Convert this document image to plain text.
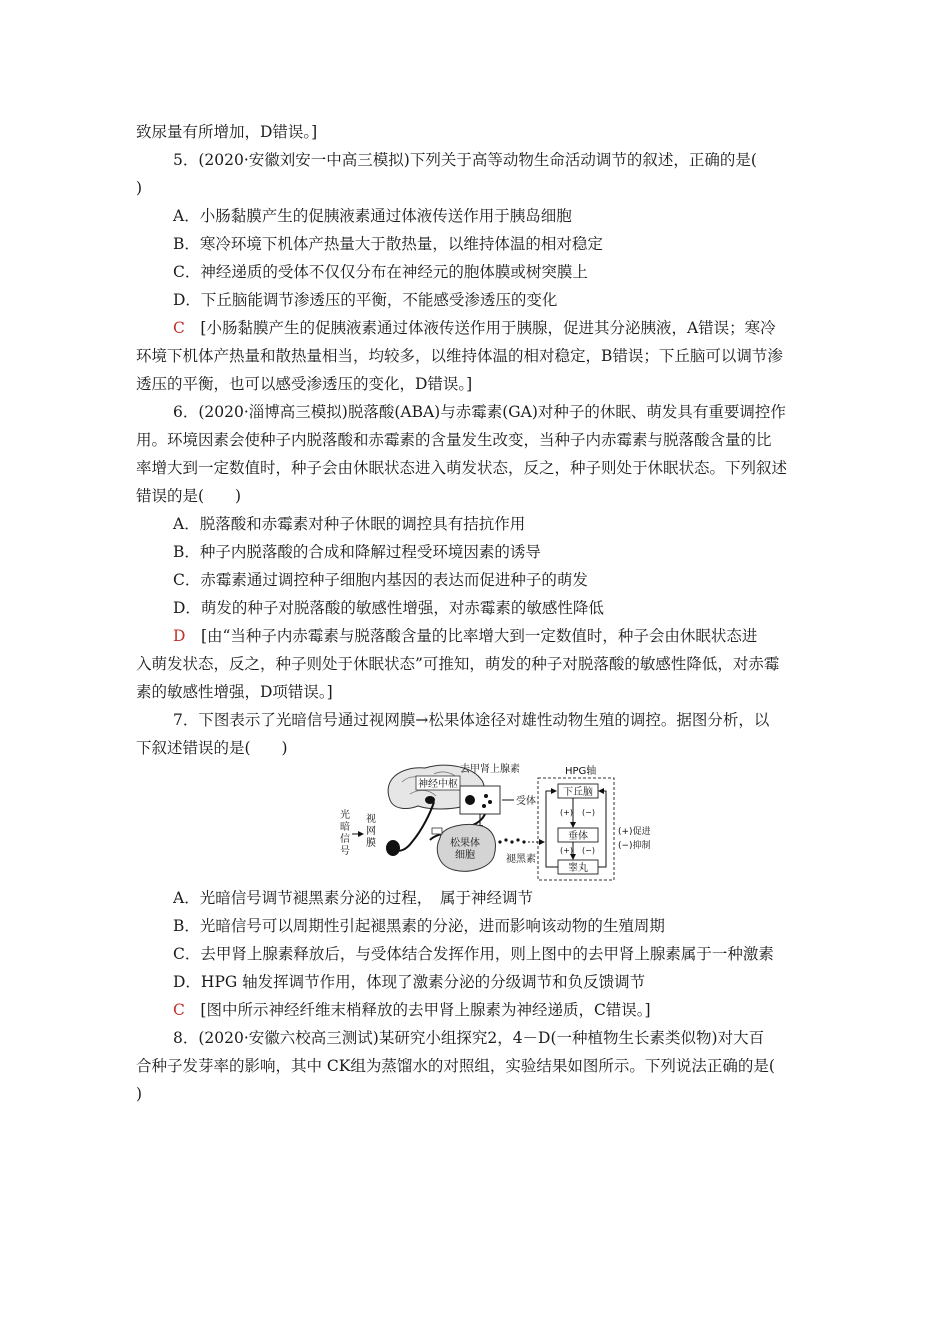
致尿量有所增加，D错误。]
5．(2020·安徽刘安一中高三模拟)下列关于高等动物生命活动调节的叙述，正确的是(
)
A．小肠黏膜产生的促胰液素通过体液传送作用于胰岛细胞
B．寒冷环境下机体产热量大于散热量，以维持体温的相对稳定
C．神经递质的受体不仅仅分布在神经元的胞体膜或树突膜上
D．下丘脑能调节渗透压的平衡，不能感受渗透压的变化
C　 [小肠黏膜产生的促胰液素通过体液传送作用于胰腺，促进其分泌胰液，A错误；寒冷
环境下机体产热量和散热量相当，均较多，以维持体温的相对稳定，B错误；下丘脑可以调节渗
透压的平衡，也可以感受渗透压的变化，D错误。]
6．(2020·淄博高三模拟)脱落酸(ABA)与赤霉素(GA)对种子的休眠、萌发具有重要调控作
用。环境因素会使种子内脱落酸和赤霉素的含量发生改变，当种子内赤霉素与脱落酸含量的比
率增大到一定数值时，种子会由休眠状态进入萌发状态，反之，种子则处于休眠状态。下列叙述
错误的是(　　)
A．脱落酸和赤霉素对种子休眠的调控具有拮抗作用
B．种子内脱落酸的合成和降解过程受环境因素的诱导
C．赤霉素通过调控种子细胞内基因的表达而促进种子的萌发
D．萌发的种子对脱落酸的敏感性增强，对赤霉素的敏感性降低
D　 [由“当种子内赤霉素与脱落酸含量的比率增大到一定数值时，种子会由休眠状态进
入萌发状态，反之，种子则处于休眠状态”可推知，萌发的种子对脱落酸的敏感性降低，对赤霉
素的敏感性增强，D项错误。]
7．下图表示了光暗信号通过视网膜→松果体途径对雄性动物生殖的调控。据图分析，以
下叙述错误的是(　　)
神经中枢
光
暗
信
号
视
网
膜
去甲肾上腺素
受体
松果体
细胞	褪黑素
HPG轴
下丘脑
垂体
睾丸
(+) (−)
(+) (−)
(+)促进
(−)抑制
A．光暗信号调节褪黑素分泌的过程，　属于神经调节
B．光暗信号可以周期性引起褪黑素的分泌，进而影响该动物的生殖周期
C．去甲肾上腺素释放后，与受体结合发挥作用，则上图中的去甲肾上腺素属于一种激素
D．HPG 轴发挥调节作用，体现了激素分泌的分级调节和负反馈调节
C　 [图中所示神经纤维末梢释放的去甲肾上腺素为神经递质，C错误。]
8．(2020·安徽六校高三测试)某研究小组探究2，4－D(一种植物生长素类似物)对大百
合种子发芽率的影响，其中 CK组为蒸馏水的对照组，实验结果如图所示。下列说法正确的是(
)
